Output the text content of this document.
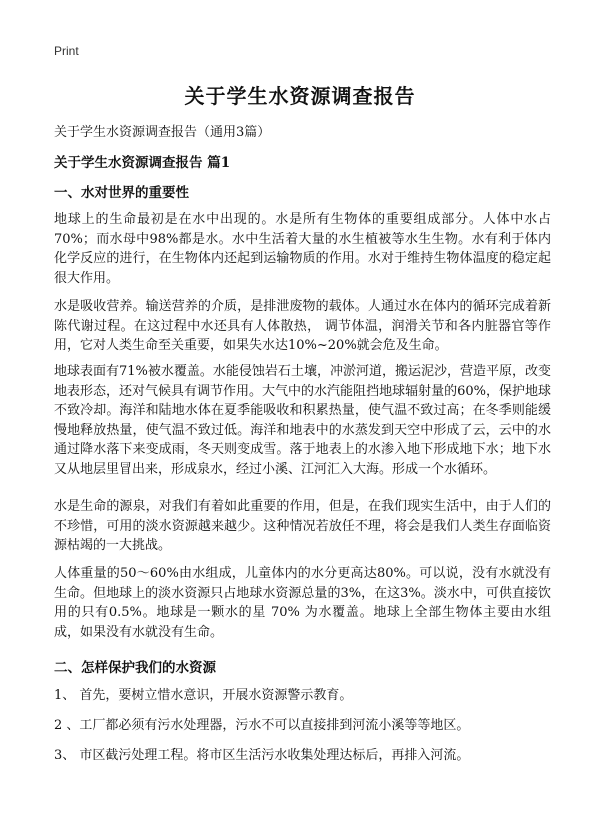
Print
关于学生水资源调查报告
关于学生水资源调查报告（通用3篇）
关于学生水资源调查报告 篇1
一、水对世界的重要性

地球上的生命最初是在水中出现的。水是所有生物体的重要组成部分。人体中水占70%；而水母中98%都是水。水中生活着大量的水生植被等水生生物。水有利于体内化学反应的进行，在生物体内还起到运输物质的作用。水对于维持生物体温度的稳定起很大作用。

水是吸收营养。输送营养的介质，是排泄废物的载体。人通过水在体内的循环完成着新陈代谢过程。在这过程中水还具有人体散热， 调节体温，润滑关节和各内脏器官等作用，它对人类生命至关重要，如果失水达10%~20%就会危及生命。

地球表面有71%被水覆盖。水能侵蚀岩石土壤，冲淤河道，搬运泥沙，营造平原，改变地表形态，还对气候具有调节作用。大气中的水汽能阻挡地球辐射量的60%，保护地球不致冷却。海洋和陆地水体在夏季能吸收和积累热量，使气温不致过高；在冬季则能缓慢地释放热量，使气温不致过低。海洋和地表中的水蒸发到天空中形成了云，云中的水通过降水落下来变成雨，冬天则变成雪。落于地表上的水渗入地下形成地下水；地下水又从地层里冒出来，形成泉水，经过小溪、江河汇入大海。形成一个水循环。

水是生命的源泉，对我们有着如此重要的作用，但是，在我们现实生活中，由于人们的不珍惜，可用的淡水资源越来越少。这种情况若放任不理，将会是我们人类生存面临资源枯竭的一大挑战。

人体重量的50～60%由水组成，儿童体内的水分更高达80%。可以说，没有水就没有生命。但地球上的淡水资源只占地球水资源总量的3%，在这3%。淡水中，可供直接饮用的只有0.5%。地球是一颗水的星 70% 为水覆盖。地球上全部生物体主要由水组成，如果没有水就没有生命。

二、怎样保护我们的水资源
1、 首先，要树立惜水意识，开展水资源警示教育。
2 、工厂都必须有污水处理器，污水不可以直接排到河流小溪等等地区。
3、 市区截污处理工程。将市区生活污水收集处理达标后，再排入河流。
